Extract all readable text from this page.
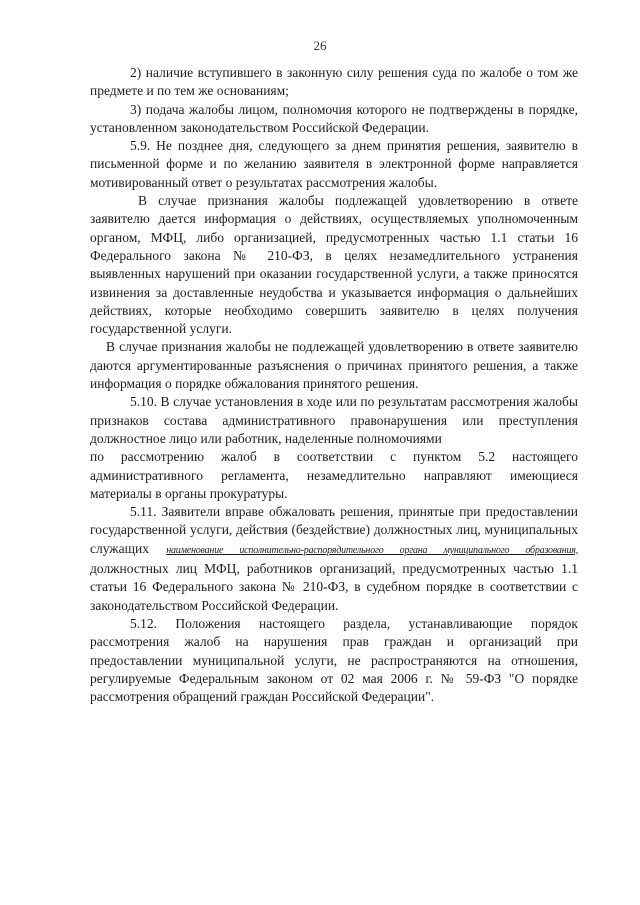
26

2) наличие вступившего в законную силу решения суда по жалобе о том же предмете и по тем же основаниям;

3) подача жалобы лицом, полномочия которого не подтверждены в порядке, установленном законодательством Российской Федерации.

5.9. Не позднее дня, следующего за днем принятия решения, заявителю в письменной форме и по желанию заявителя в электронной форме направляется мотивированный ответ о результатах рассмотрения жалобы.

В случае признания жалобы подлежащей удовлетворению в ответе заявителю дается информация о действиях, осуществляемых уполномоченным органом, МФЦ, либо организацией, предусмотренных частью 1.1 статьи 16 Федерального закона № 210-ФЗ, в целях незамедлительного устранения выявленных нарушений при оказании государственной услуги, а также приносятся извинения за доставленные неудобства и указывается информация о дальнейших действиях, которые необходимо совершить заявителю в целях получения государственной услуги.

В случае признания жалобы не подлежащей удовлетворению в ответе заявителю даются аргументированные разъяснения о причинах принятого решения, а также информация о порядке обжалования принятого решения.

5.10. В случае установления в ходе или по результатам рассмотрения жалобы признаков состава административного правонарушения или преступления должностное лицо или работник, наделенные полномочиями

по рассмотрению жалоб в соответствии с пунктом 5.2 настоящего административного регламента, незамедлительно направляют имеющиеся материалы в органы прокуратуры.

5.11. Заявители вправе обжаловать решения, принятые при предоставлении государственной услуги, действия (бездействие) должностных лиц, муниципальных служащих наименование исполнительно-распорядительного органа муниципального образования, должностных лиц МФЦ, работников организаций, предусмотренных частью 1.1 статьи 16 Федерального закона № 210-ФЗ, в судебном порядке в соответствии с законодательством Российской Федерации.

5.12. Положения настоящего раздела, устанавливающие порядок рассмотрения жалоб на нарушения прав граждан и организаций при предоставлении муниципальной услуги, не распространяются на отношения, регулируемые Федеральным законом от 02 мая 2006 г. № 59-ФЗ "О порядке рассмотрения обращений граждан Российской Федерации".
